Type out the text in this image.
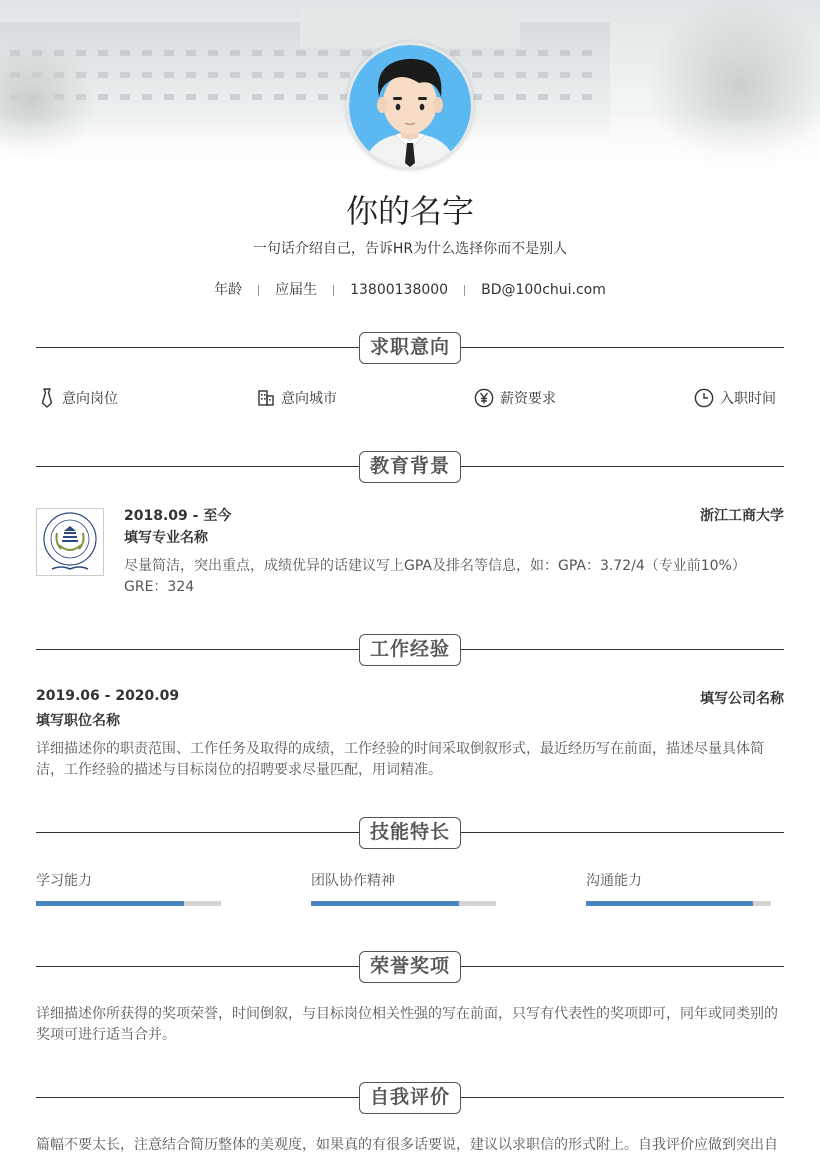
你的名字
一句话介绍自己，告诉HR为什么选择你而不是别人
年龄	应届生	13800138000	BD@100chui.com
求职意向
意向岗位	意向城市	薪资要求	入职时间
教育背景
2018.09 - 至今	浙江工商大学
填写专业名称
尽量简洁，突出重点，成绩优异的话建议写上GPA及排名等信息，如：GPA：3.72/4（专业前10%） GRE：324
工作经验
2019.06 - 2020.09	填写公司名称
填写职位名称
详细描述你的职责范围、工作任务及取得的成绩，工作经验的时间采取倒叙形式，最近经历写在前面，描述尽量具体简洁，工作经验的描述与目标岗位的招聘要求尽量匹配，用词精准。
技能特长
学习能力	团队协作精神	沟通能力
荣誉奖项
详细描述你所获得的奖项荣誉，时间倒叙，与目标岗位相关性强的写在前面，只写有代表性的奖项即可，同年或同类别的奖项可进行适当合并。
自我评价
篇幅不要太长，注意结合简历整体的美观度，如果真的有很多话要说，建议以求职信的形式附上。自我评价应做到突出自
